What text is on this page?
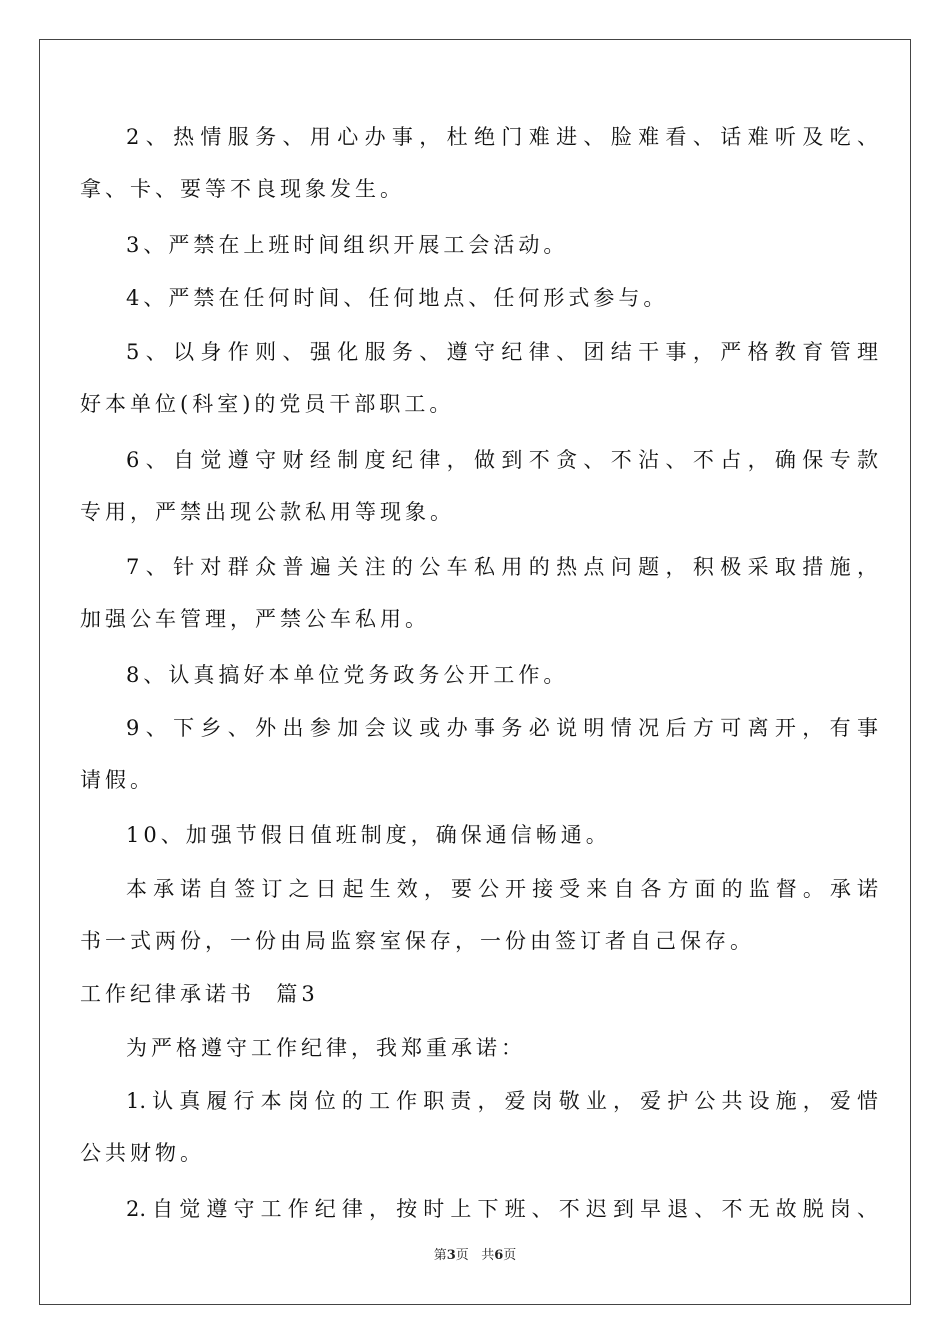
2、热情服务、用心办事，杜绝门难进、脸难看、话难听及吃、
拿、卡、要等不良现象发生。
3、严禁在上班时间组织开展工会活动。
4、严禁在任何时间、任何地点、任何形式参与。
5、以身作则、强化服务、遵守纪律、团结干事，严格教育管理
好本单位(科室)的党员干部职工。
6、自觉遵守财经制度纪律，做到不贪、不沾、不占，确保专款
专用，严禁出现公款私用等现象。
7、针对群众普遍关注的公车私用的热点问题，积极采取措施，
加强公车管理，严禁公车私用。
8、认真搞好本单位党务政务公开工作。
9、下乡、外出参加会议或办事务必说明情况后方可离开，有事
请假。
10、加强节假日值班制度，确保通信畅通。
本承诺自签订之日起生效，要公开接受来自各方面的监督。承诺
书一式两份，一份由局监察室保存，一份由签订者自己保存。
工作纪律承诺书  篇3
为严格遵守工作纪律，我郑重承诺：
1.认真履行本岗位的工作职责，爱岗敬业，爱护公共设施，爱惜
公共财物。
2.自觉遵守工作纪律，按时上下班、不迟到早退、不无故脱岗、
第3页 共6页
